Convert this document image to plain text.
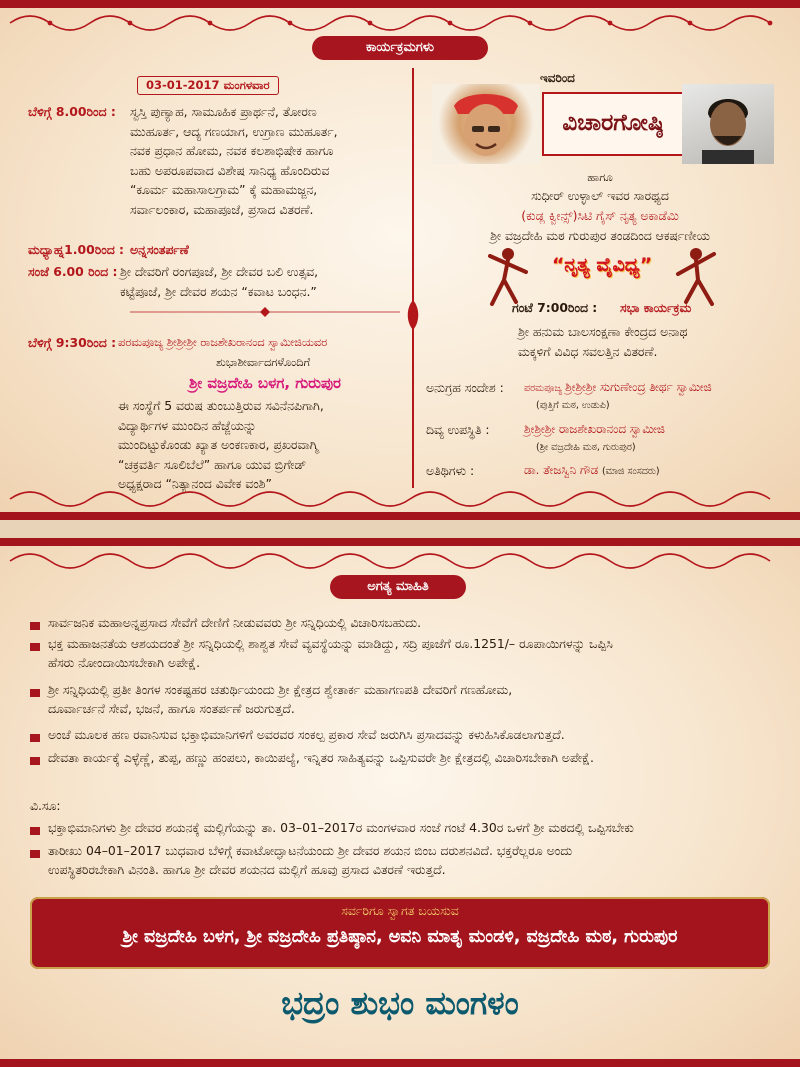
ಕಾರ್ಯಕ್ರಮಗಳು
03-01-2017 ಮಂಗಳವಾರ
ಬೆಳಿಗ್ಗೆ 8.00ರಿಂದ : ಸ್ವಸ್ತಿ ಪುಣ್ಯಾಹ, ಸಾಮೂಹಿಕ ಪ್ರಾರ್ಥನೆ, ತೋರಣ
ಮುಹೂರ್ತ, ಆದ್ಯ ಗಣಯಾಗ, ಉಗ್ರಾಣ ಮುಹೂರ್ತ,
ನವಕ ಪ್ರಧಾನ ಹೋಮ, ನವಕ ಕಲಶಾಭಿಷೇಕ ಹಾಗೂ
ಬಹು ಅಪರೂಪವಾದ ವಿಶೇಷ ಸಾನಿಧ್ಯ ಹೊಂದಿರುವ
“ಕೂರ್ಮ ಮಹಾಸಾಲಗ್ರಾಮ” ಕ್ಕೆ ಮಹಾಮಜ್ಜನ,
ಸರ್ವಾಲಂಕಾರ, ಮಹಾಪೂಜೆ, ಪ್ರಸಾದ ವಿತರಣೆ.
ಮಧ್ಯಾಹ್ನ1.00ರಿಂದ : ಅನ್ನಸಂತರ್ಪಣೆ
ಸಂಜೆ 6.00 ರಿಂದ : ಶ್ರೀ ದೇವರಿಗೆ ರಂಗಪೂಜೆ, ಶ್ರೀ ದೇವರ ಬಲಿ ಉತ್ಸವ,
ಕಟ್ಟೆಪೂಜೆ, ಶ್ರೀ ದೇವರ ಶಯನ “ಕವಾಟ ಬಂಧನ.”
ಬೆಳಿಗ್ಗೆ 9:30ರಿಂದ : ಪರಮಪೂಜ್ಯ ಶ್ರೀಶ್ರೀಶ್ರೀ ರಾಜಶೇಖರಾನಂದ ಸ್ವಾಮೀಜಿಯವರ
ಶುಭಾಶೀರ್ವಾದಗಳೊಂದಿಗೆ
ಶ್ರೀ ವಜ್ರದೇಹಿ ಬಳಗ, ಗುರುಪುರ
ಈ ಸಂಸ್ಥೆಗೆ 5 ವರುಷ ತುಂಬುತ್ತಿರುವ ಸವಿನೆನಪಿಗಾಗಿ,
ವಿದ್ಯಾರ್ಥಿಗಳ ಮುಂದಿನ ಹೆಜ್ಜೆಯನ್ನು
ಮುಂದಿಟ್ಟುಕೊಂಡು ಖ್ಯಾತ ಅಂಕಣಕಾರ, ಪ್ರಖರವಾಗ್ಮಿ
“ಚಕ್ರವರ್ತಿ ಸೂಲಿಬೆಲೆ” ಹಾಗೂ ಯುವ ಬ್ರಿಗೇಡ್
ಅಧ್ಯಕ್ಷರಾದ “ನಿತ್ಯಾನಂದ ವಿವೇಕ ವಂಶಿ”
ಇವರಿಂದ
ವಿಚಾರಗೋಷ್ಠಿ
ಹಾಗೂ
ಸುಧೀರ್ ಉಳ್ಳಾಲ್ ಇವರ ಸಾರಥ್ಯದ
(ಕುಡ್ಲ ಕ್ವೀನ್ಸ್)ಸಿಟಿ ಗೈಸ್ ನೃತ್ಯ ಅಕಾಡೆಮಿ
ಶ್ರೀ ವಜ್ರದೇಹಿ ಮಠ ಗುರುಪುರ ತಂಡದಿಂದ ಆಕರ್ಷಣೀಯ
“ನೃತ್ಯ ವೈವಿಧ್ಯ”
ಗಂಟೆ 7:00ರಿಂದ : ಸಭಾ ಕಾರ್ಯಕ್ರಮ
ಶ್ರೀ ಹನುಮ ಬಾಲಸಂಕ್ಷಣಾ ಕೇಂದ್ರದ ಅನಾಥ
ಮಕ್ಕಳಿಗೆ ವಿವಿಧ ಸವಲತ್ತಿನ ವಿತರಣೆ.
ಅನುಗ್ರಹ ಸಂದೇಶ : ಪರಮಪೂಜ್ಯ ಶ್ರೀಶ್ರೀಶ್ರೀ ಸುಗುಣೇಂದ್ರ ತೀರ್ಥ ಸ್ವಾಮೀಜಿ
(ಪುತ್ತಿಗೆ ಮಠ, ಉಡುಪಿ)
ದಿವ್ಯ ಉಪಸ್ಥಿತಿ :	ಶ್ರೀಶ್ರೀಶ್ರೀ ರಾಜಶೇಖರಾನಂದ ಸ್ವಾಮೀಜಿ
(ಶ್ರೀ ವಜ್ರದೇಹಿ ಮಠ, ಗುರುಪುರ)
ಅತಿಥಿಗಳು :	ಡಾ. ತೇಜಸ್ವಿನಿ ಗೌಡ (ಮಾಜಿ ಸಂಸದರು)
ಅಗತ್ಯ ಮಾಹಿತಿ
ಸಾರ್ವಜನಿಕ ಮಹಾಅನ್ನಪ್ರಸಾದ ಸೇವೆಗೆ ದೇಣಿಗೆ ನೀಡುವವರು ಶ್ರೀ ಸನ್ನಿಧಿಯಲ್ಲಿ ವಿಚಾರಿಸಬಹುದು.
ಭಕ್ತ ಮಹಾಜನತೆಯ ಆಶಯದಂತೆ ಶ್ರೀ ಸನ್ನಿಧಿಯಲ್ಲಿ ಶಾಶ್ವತ ಸೇವೆ ವ್ಯವಸ್ಥೆಯನ್ನು ಮಾಡಿದ್ದು, ಸದ್ರಿ ಪೂಜೆಗೆ ರೂ.1251/– ರೂಪಾಯಿಗಳನ್ನು ಒಪ್ಪಿಸಿ
ಹೆಸರು ನೋಂದಾಯಿಸಬೇಕಾಗಿ ಅಪೇಕ್ಷೆ.
ಶ್ರೀ ಸನ್ನಿಧಿಯಲ್ಲಿ ಪ್ರತೀ ತಿಂಗಳ ಸಂಕಷ್ಟಹರ ಚತುರ್ಥಿಯಂದು ಶ್ರೀ ಕ್ಷೇತ್ರದ ಶ್ವೇತಾರ್ಕ ಮಹಾಗಣಪತಿ ದೇವರಿಗೆ ಗಣಹೋಮ,
ದೂರ್ವಾರ್ಚನೆ ಸೇವೆ, ಭಜನೆ, ಹಾಗೂ ಸಂತರ್ಪಣೆ ಜರುಗುತ್ತದೆ.
ಅಂಚೆ ಮೂಲಕ ಹಣ ರವಾನಿಸುವ ಭಕ್ತಾಭಿಮಾನಿಗಳಿಗೆ ಅವರವರ ಸಂಕಲ್ಪ ಪ್ರಕಾರ ಸೇವೆ ಜರುಗಿಸಿ ಪ್ರಸಾದವನ್ನು ಕಳುಹಿಸಿಕೊಡಲಾಗುತ್ತದೆ.
ದೇವತಾ ಕಾರ್ಯಕ್ಕೆ ಎಳ್ಳೆಣ್ಣೆ, ತುಪ್ಪ, ಹಣ್ಣು ಹಂಪಲು, ಕಾಯಿಪಲ್ಯೆ, ಇನ್ನಿತರ ಸಾಹಿತ್ಯವನ್ನು ಒಪ್ಪಿಸುವರೇ ಶ್ರೀ ಕ್ಷೇತ್ರದಲ್ಲಿ ವಿಚಾರಿಸಬೇಕಾಗಿ ಅಪೇಕ್ಷೆ.
ವಿ.ಸೂ:
ಭಕ್ತಾಭಿಮಾನಿಗಳು ಶ್ರೀ ದೇವರ ಶಯನಕ್ಕೆ ಮಲ್ಲಿಗೆಯನ್ನು ತಾ. 03–01–2017ರ ಮಂಗಳವಾರ ಸಂಜೆ ಗಂಟೆ 4.30ರ ಒಳಗೆ ಶ್ರೀ ಮಠದಲ್ಲಿ ಒಪ್ಪಿಸಬೇಕು
ತಾರೀಖು 04–01–2017 ಬುಧವಾರ ಬೆಳಿಗ್ಗೆ ಕವಾಟೋದ್ಘಾಟನೆಯಂದು ಶ್ರೀ ದೇವರ ಶಯನ ಬಿಂಬ ದರುಶನವಿದೆ. ಭಕ್ತರೆಲ್ಲರೂ ಅಂದು
ಉಪಸ್ಥಿತರಿರಬೇಕಾಗಿ ವಿನಂತಿ. ಹಾಗೂ ಶ್ರೀ ದೇವರ ಶಯನದ ಮಲ್ಲಿಗೆ ಹೂವು ಪ್ರಸಾದ ವಿತರಣೆ ಇರುತ್ತದೆ.
ಸರ್ವರಿಗೂ ಸ್ವಾಗತ ಬಯಸುವ
ಶ್ರೀ ವಜ್ರದೇಹಿ ಬಳಗ, ಶ್ರೀ ವಜ್ರದೇಹಿ ಪ್ರತಿಷ್ಠಾನ, ಅವನಿ ಮಾತೃ ಮಂಡಳಿ, ವಜ್ರದೇಹಿ ಮಠ, ಗುರುಪುರ
ಭದ್ರಂ ಶುಭಂ ಮಂಗಳಂ
